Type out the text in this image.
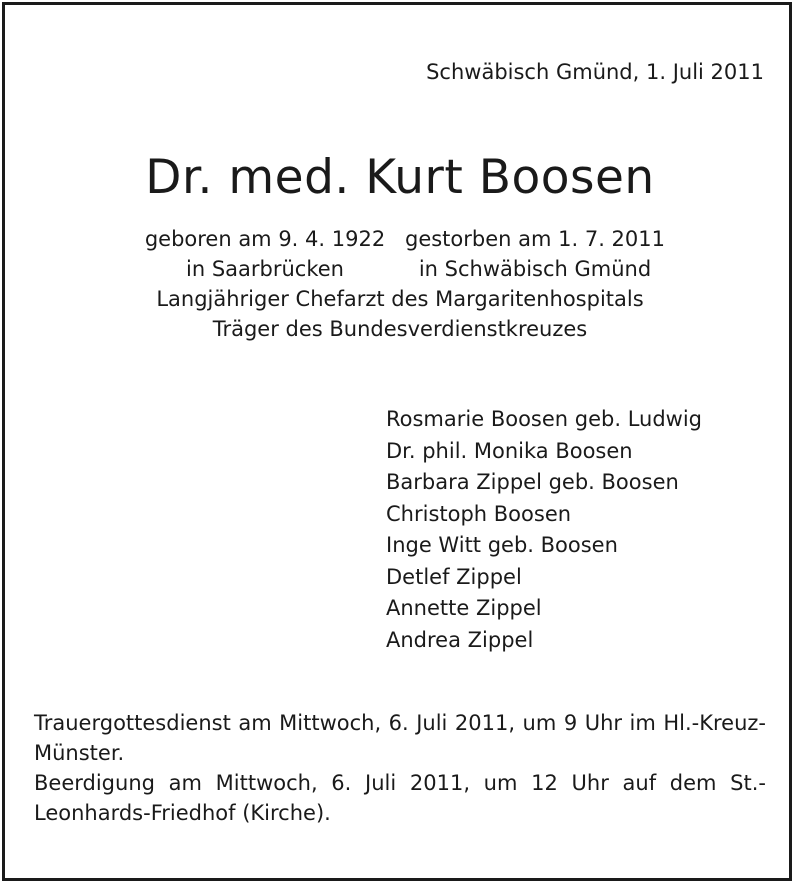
Schwäbisch Gmünd, 1. Juli 2011
Dr. med. Kurt Boosen
geboren am 9. 4. 1922 gestorben am 1. 7. 2011
in Saarbrücken	in Schwäbisch Gmünd
Langjähriger Chefarzt des Margaritenhospitals
Träger des Bundesverdienstkreuzes
Rosmarie Boosen geb. Ludwig
Dr. phil. Monika Boosen
Barbara Zippel geb. Boosen
Christoph Boosen
Inge Witt geb. Boosen
Detlef Zippel
Annette Zippel
Andrea Zippel

Trauergottesdienst am Mittwoch, 6. Juli 2011, um 9 Uhr im Hl.-Kreuz-Münster.

Beerdigung am Mittwoch, 6. Juli 2011, um 12 Uhr auf dem St.-Leonhards-Friedhof (Kirche).
